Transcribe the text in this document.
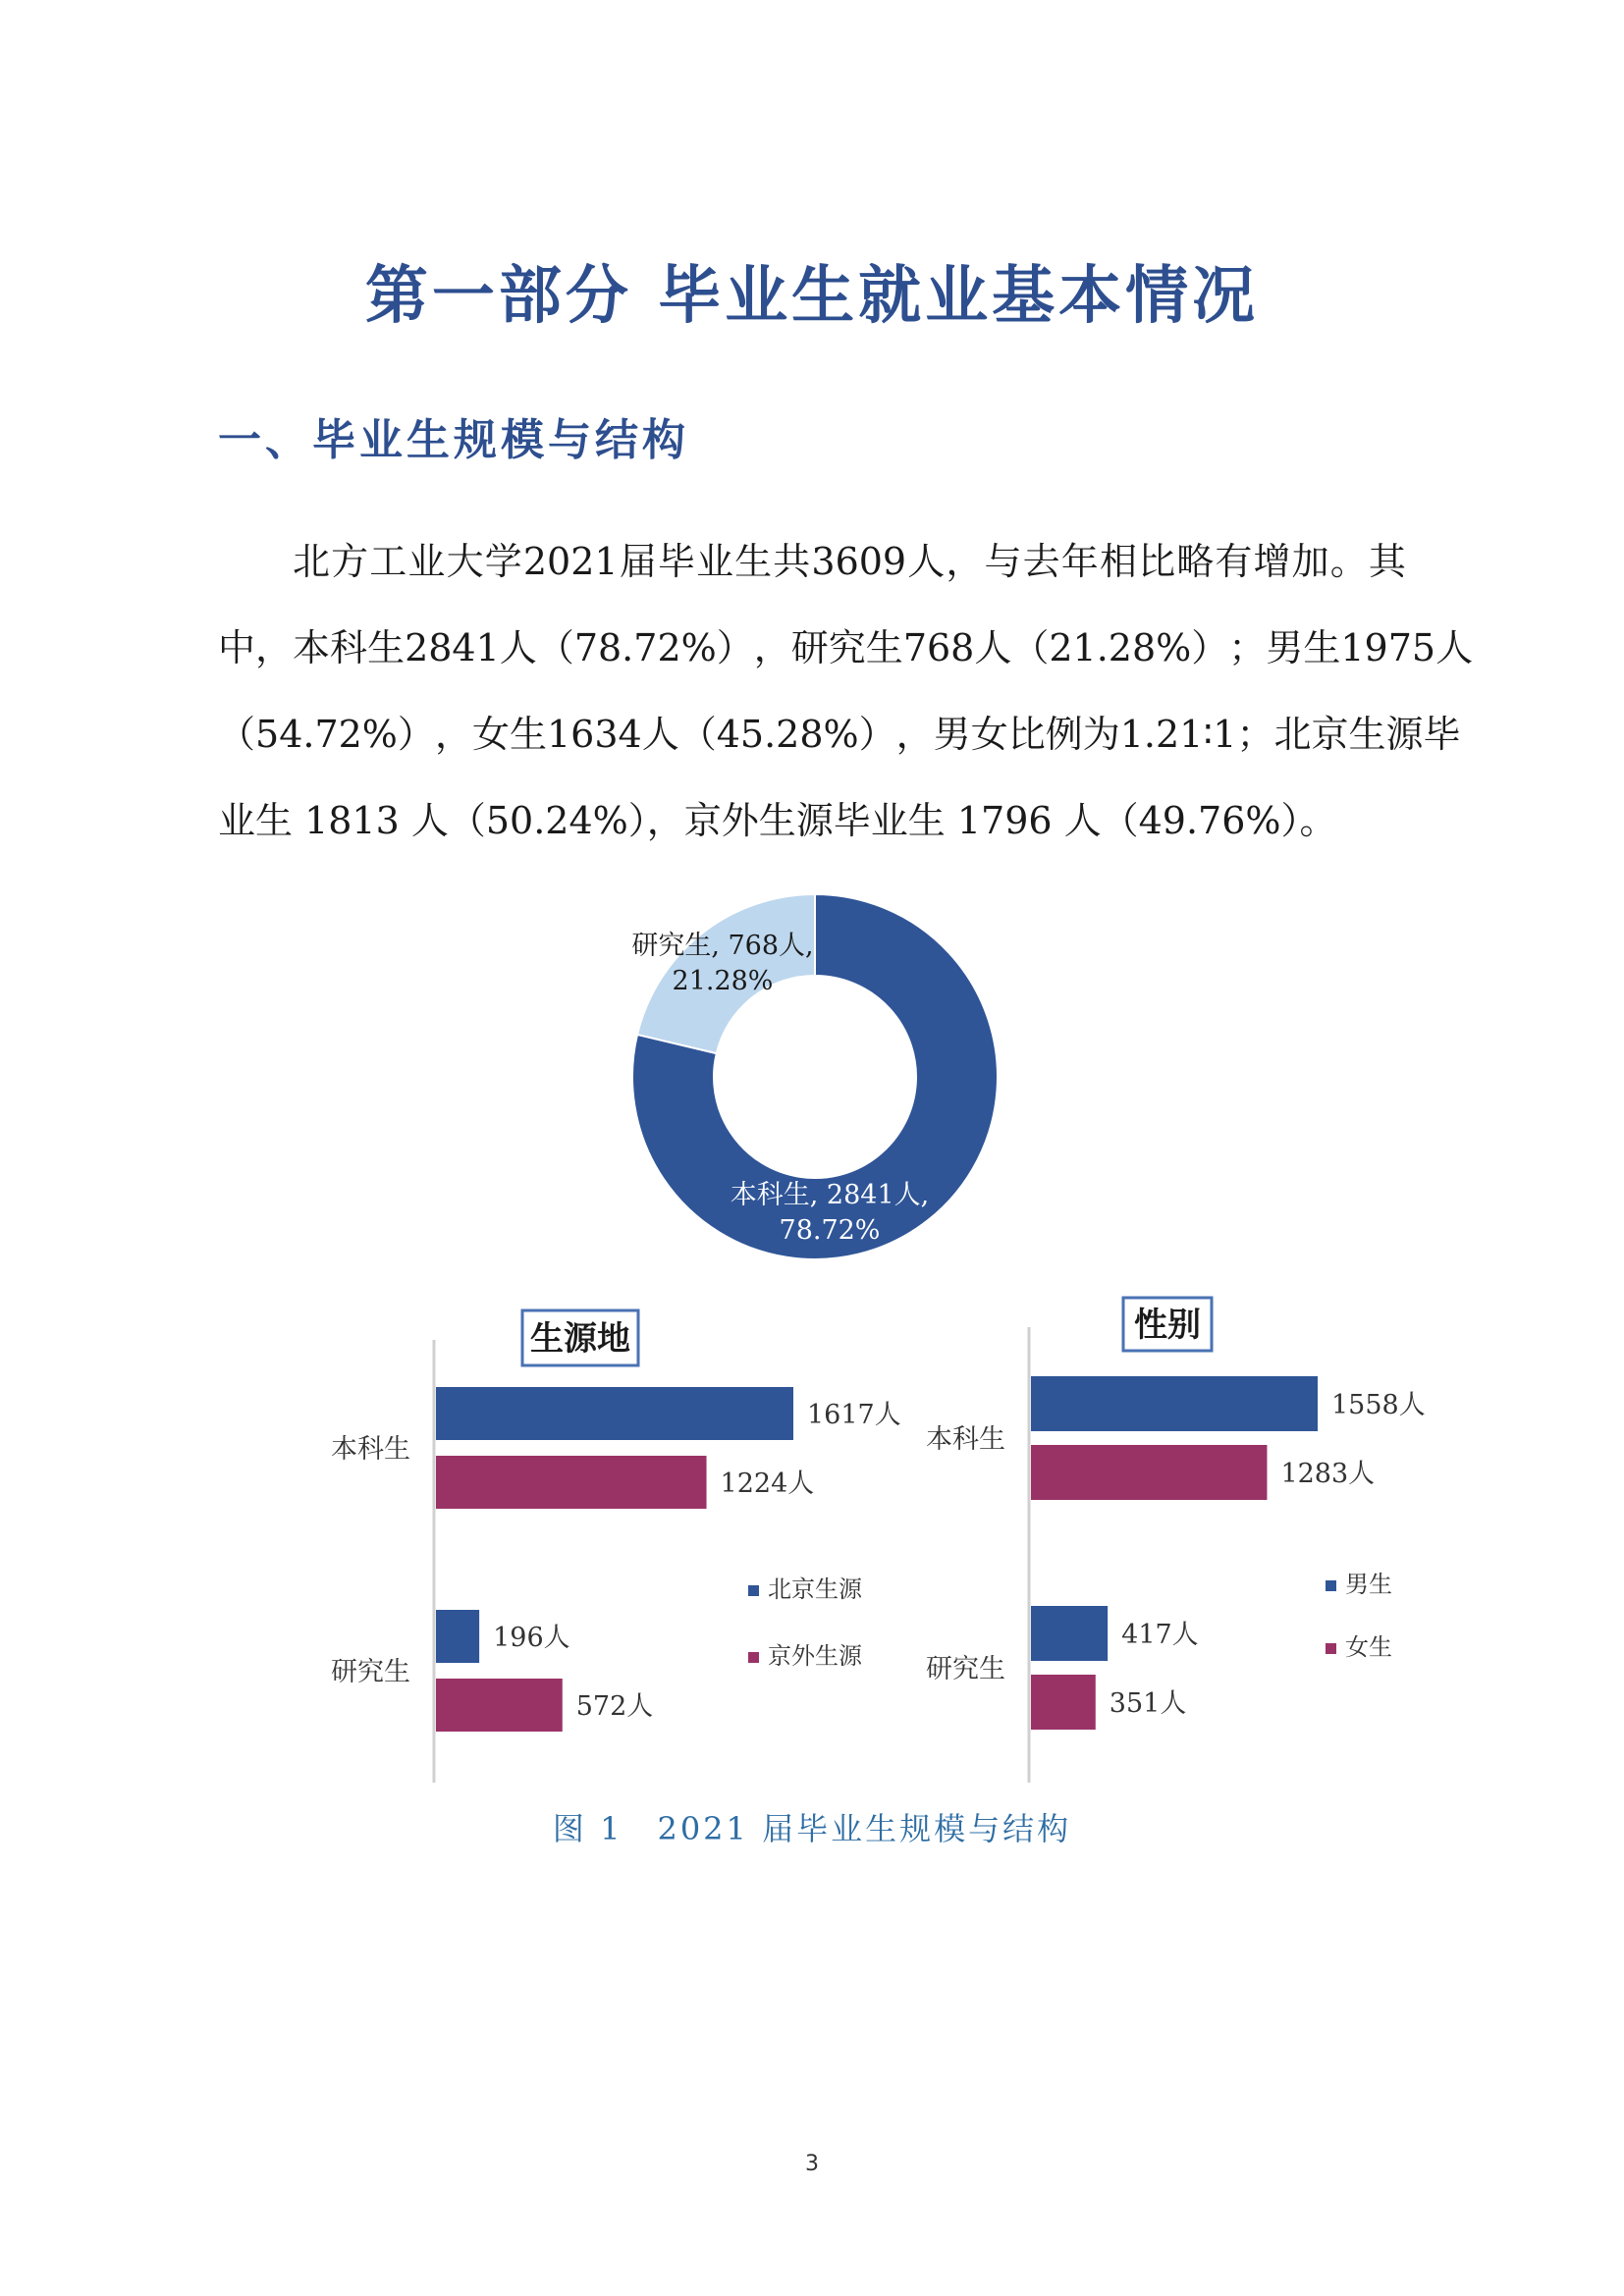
第一部分 毕业生就业基本情况
一、毕业生规模与结构
北 方 工 业 大 学 2021 届 毕 业 生 共 3609 人 ， 与 去 年 相 比 略 有 增 加 。 其
中 ， 本 科 生 2841 人 （ 78.72% ） ， 研 究 生 768 人 （ 21.28% ） ； 男 生 1975 人
（ 54.72% ） ， 女 生 1634 人 （ 45.28% ） ， 男 女 比 例 为 1.21 ∶ 1 ； 北 京 生 源 毕
业生 1813 人（50.24%），京外生源毕业生 1796 人（49.76%）。
本科生, 2841人, 78.72%
研究生, 768人, 21.28%
生源地
本科生
1617人
1224人
研究生
196人
572人
北京生源
京外生源
性别
本科生
1558人
1283人
研究生
417人
351人
男生
女生
图 1　2021 届毕业生规模与结构
3
